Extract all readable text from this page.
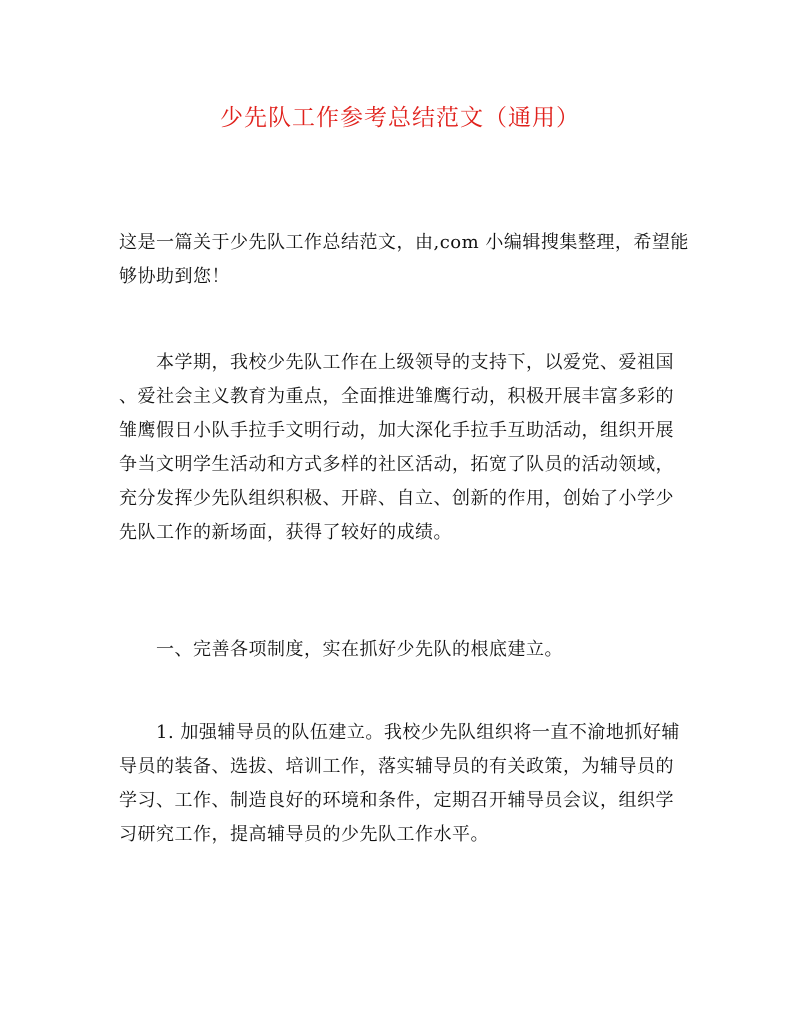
少先队工作参考总结范文（通用）
这是一篇关于少先队工作总结范文，由,com 小编辑搜集整理，希望能
够协助到您！
　　本学期，我校少先队工作在上级领导的支持下，以爱党、爱祖国
、爱社会主义教育为重点，全面推进雏鹰行动，积极开展丰富多彩的
雏鹰假日小队手拉手文明行动，加大深化手拉手互助活动，组织开展
争当文明学生活动和方式多样的社区活动，拓宽了队员的活动领域，
充分发挥少先队组织积极、开辟、自立、创新的作用，创始了小学少
先队工作的新场面，获得了较好的成绩。
　　一、完善各项制度，实在抓好少先队的根底建立。
　　1. 加强辅导员的队伍建立。我校少先队组织将一直不渝地抓好辅
导员的装备、选拔、培训工作，落实辅导员的有关政策，为辅导员的
学习、工作、制造良好的环境和条件，定期召开辅导员会议，组织学
习研究工作，提高辅导员的少先队工作水平。
